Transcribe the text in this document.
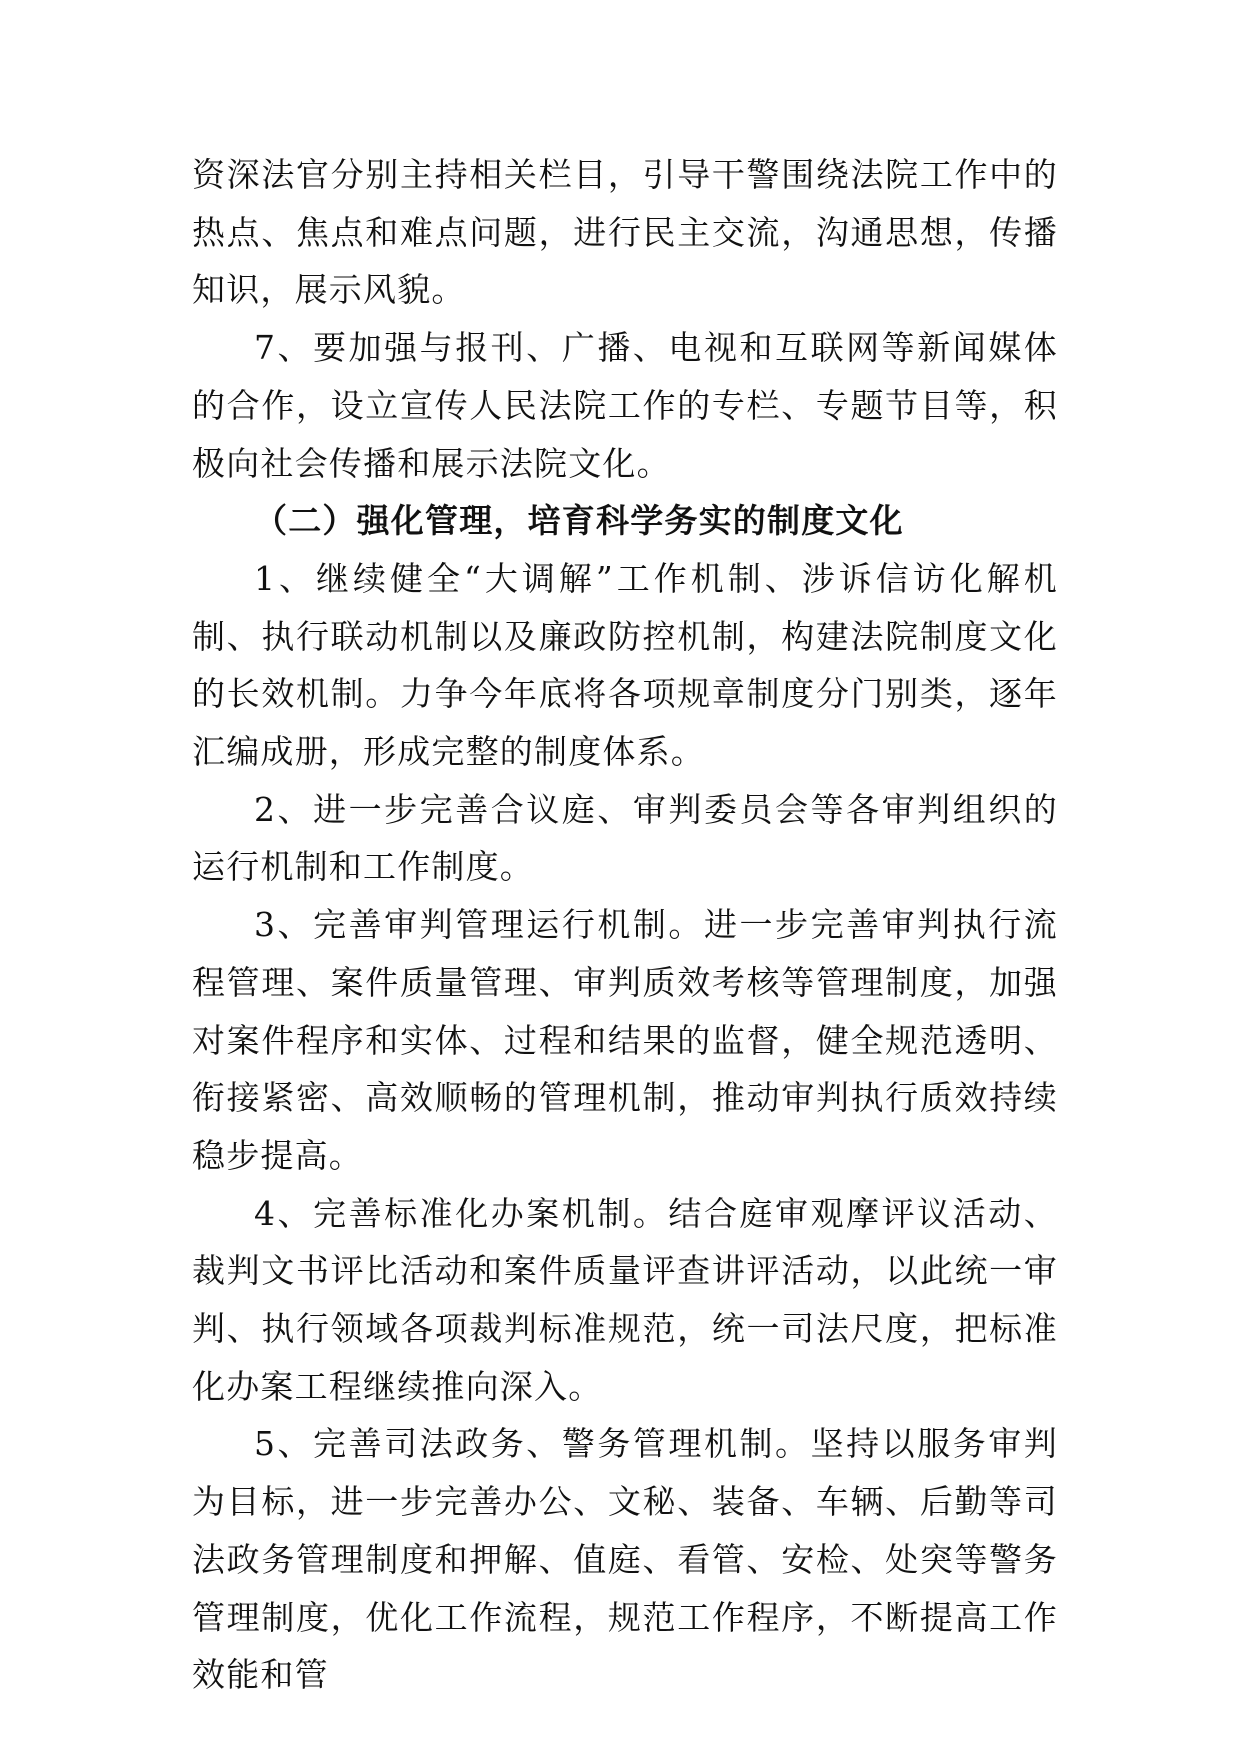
资深法官分别主持相关栏目，引导干警围绕法院工作中的热点、焦点和难点问题，进行民主交流，沟通思想，传播知识，展示风貌。

7、要加强与报刊、广播、电视和互联网等新闻媒体的合作，设立宣传人民法院工作的专栏、专题节目等，积极向社会传播和展示法院文化。

（二）强化管理，培育科学务实的制度文化

1、继续健全“大调解”工作机制、涉诉信访化解机制、执行联动机制以及廉政防控机制，构建法院制度文化的长效机制。力争今年底将各项规章制度分门别类，逐年汇编成册，形成完整的制度体系。

2、进一步完善合议庭、审判委员会等各审判组织的运行机制和工作制度。

3、完善审判管理运行机制。进一步完善审判执行流程管理、案件质量管理、审判质效考核等管理制度，加强对案件程序和实体、过程和结果的监督，健全规范透明、衔接紧密、高效顺畅的管理机制，推动审判执行质效持续稳步提高。

4、完善标准化办案机制。结合庭审观摩评议活动、裁判文书评比活动和案件质量评查讲评活动，以此统一审判、执行领域各项裁判标准规范，统一司法尺度，把标准化办案工程继续推向深入。

5、完善司法政务、警务管理机制。坚持以服务审判为目标，进一步完善办公、文秘、装备、车辆、后勤等司法政务管理制度和押解、值庭、看管、安检、处突等警务管理制度，优化工作流程，规范工作程序，不断提高工作效能和管
